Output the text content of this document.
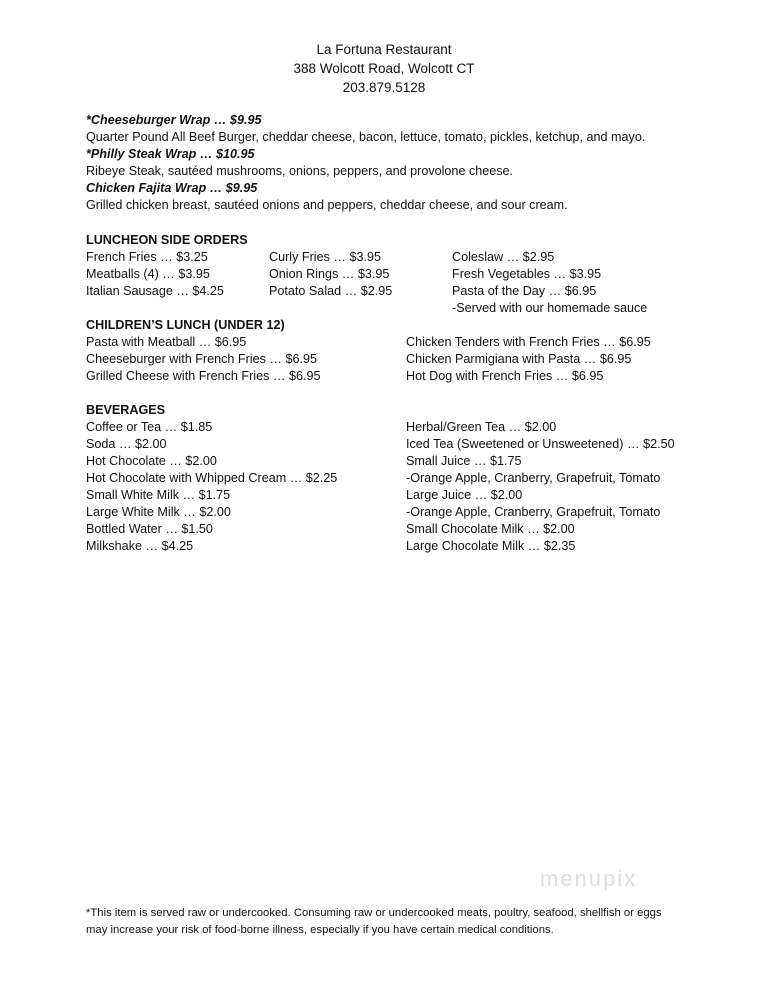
La Fortuna Restaurant
388 Wolcott Road, Wolcott CT
203.879.5128
*Cheeseburger Wrap … $9.95
Quarter Pound All Beef Burger, cheddar cheese, bacon, lettuce, tomato, pickles, ketchup, and mayo.
*Philly Steak Wrap … $10.95
Ribeye Steak, sautéed mushrooms, onions, peppers, and provolone cheese.
Chicken Fajita Wrap … $9.95
Grilled chicken breast, sautéed onions and peppers, cheddar cheese, and sour cream.
LUNCHEON SIDE ORDERS
French Fries … $3.25
Meatballs (4) … $3.95
Italian Sausage … $4.25
Curly Fries … $3.95
Onion Rings … $3.95
Potato Salad … $2.95
Coleslaw … $2.95
Fresh Vegetables … $3.95
Pasta of the Day … $6.95
-Served with our homemade sauce
CHILDREN’S LUNCH (UNDER 12)
Pasta with Meatball … $6.95
Cheeseburger with French Fries … $6.95
Grilled Cheese with French Fries … $6.95
Chicken Tenders with French Fries … $6.95
Chicken Parmigiana with Pasta … $6.95
Hot Dog with French Fries … $6.95
BEVERAGES
Coffee or Tea … $1.85
Soda … $2.00
Hot Chocolate … $2.00
Hot Chocolate with Whipped Cream … $2.25
Small White Milk … $1.75
Large White Milk … $2.00
Bottled Water … $1.50
Milkshake … $4.25
Herbal/Green Tea … $2.00
Iced Tea (Sweetened or Unsweetened) … $2.50
Small Juice … $1.75
-Orange Apple, Cranberry, Grapefruit, Tomato
Large Juice … $2.00
-Orange Apple, Cranberry, Grapefruit, Tomato
Small Chocolate Milk … $2.00
Large Chocolate Milk … $2.35
menupix
*This item is served raw or undercooked. Consuming raw or undercooked meats, poultry, seafood, shellfish or eggs
may increase your risk of food-borne illness, especially if you have certain medical conditions.
